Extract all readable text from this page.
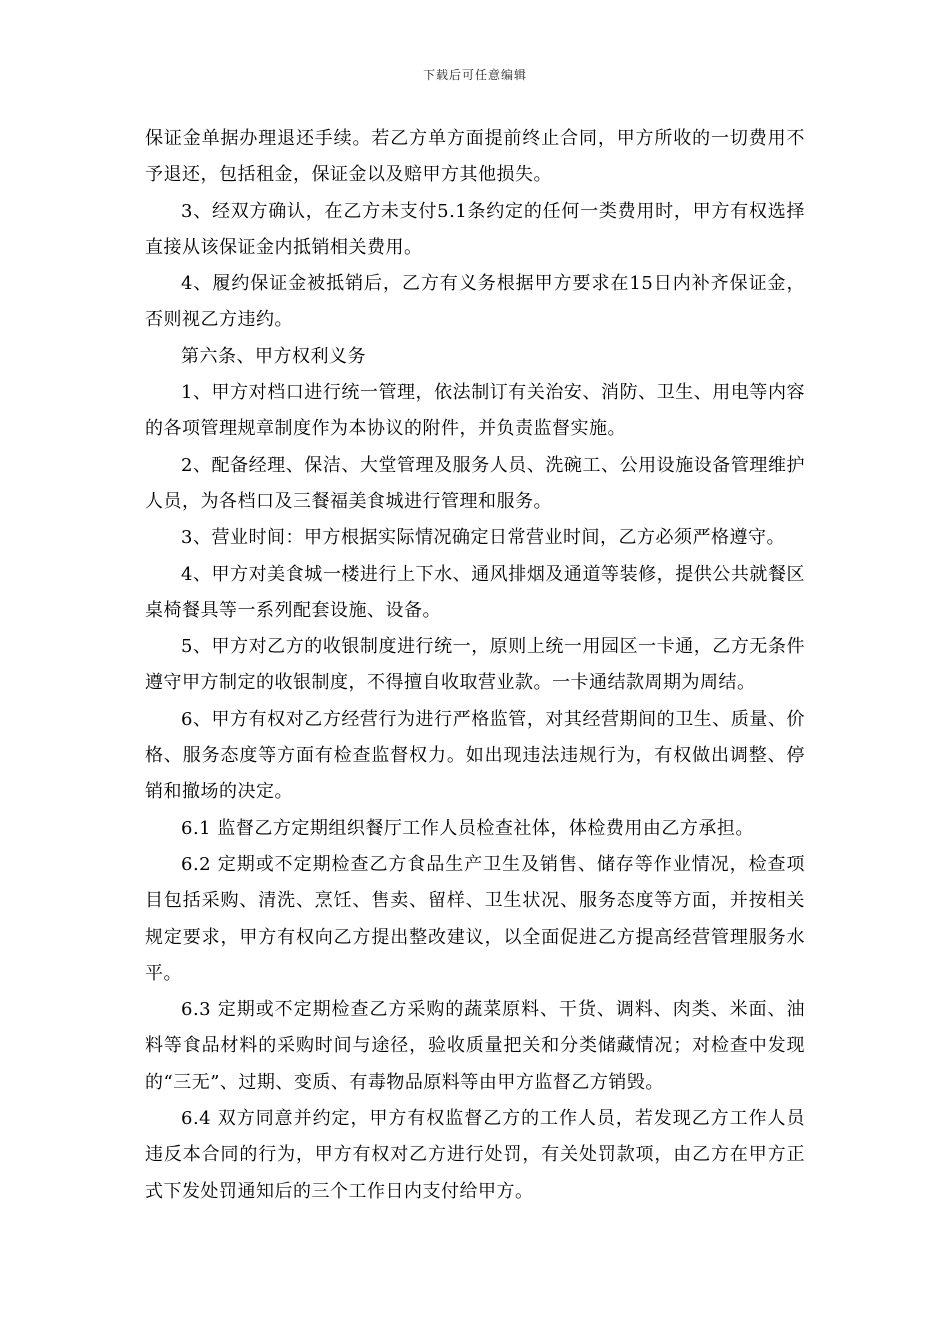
下载后可任意编辑

保证金单据办理退还手续。若乙方单方面提前终止合同，甲方所收的一切费用不予退还，包括租金，保证金以及赔甲方其他损失。

3、经双方确认，在乙方未支付5.1条约定的任何一类费用时，甲方有权选择直接从该保证金内抵销相关费用。

4、履约保证金被抵销后，乙方有义务根据甲方要求在15日内补齐保证金，否则视乙方违约。

第六条、甲方权利义务

1、甲方对档口进行统一管理，依法制订有关治安、消防、卫生、用电等内容的各项管理规章制度作为本协议的附件，并负责监督实施。

2、配备经理、保洁、大堂管理及服务人员、洗碗工、公用设施设备管理维护人员，为各档口及三餐福美食城进行管理和服务。

3、营业时间：甲方根据实际情况确定日常营业时间，乙方必须严格遵守。

4、甲方对美食城一楼进行上下水、通风排烟及通道等装修，提供公共就餐区桌椅餐具等一系列配套设施、设备。

5、甲方对乙方的收银制度进行统一，原则上统一用园区一卡通，乙方无条件遵守甲方制定的收银制度，不得擅自收取营业款。一卡通结款周期为周结。

6、甲方有权对乙方经营行为进行严格监管，对其经营期间的卫生、质量、价格、服务态度等方面有检查监督权力。如出现违法违规行为，有权做出调整、停销和撤场的决定。

6.1 监督乙方定期组织餐厅工作人员检查社体，体检费用由乙方承担。

6.2 定期或不定期检查乙方食品生产卫生及销售、储存等作业情况，检查项目包括采购、清洗、烹饪、售卖、留样、卫生状况、服务态度等方面，并按相关规定要求，甲方有权向乙方提出整改建议，以全面促进乙方提高经营管理服务水平。

6.3 定期或不定期检查乙方采购的蔬菜原料、干货、调料、肉类、米面、油料等食品材料的采购时间与途径，验收质量把关和分类储藏情况；对检查中发现的“三无”、过期、变质、有毒物品原料等由甲方监督乙方销毁。

6.4 双方同意并约定，甲方有权监督乙方的工作人员，若发现乙方工作人员违反本合同的行为，甲方有权对乙方进行处罚，有关处罚款项，由乙方在甲方正式下发处罚通知后的三个工作日内支付给甲方。
